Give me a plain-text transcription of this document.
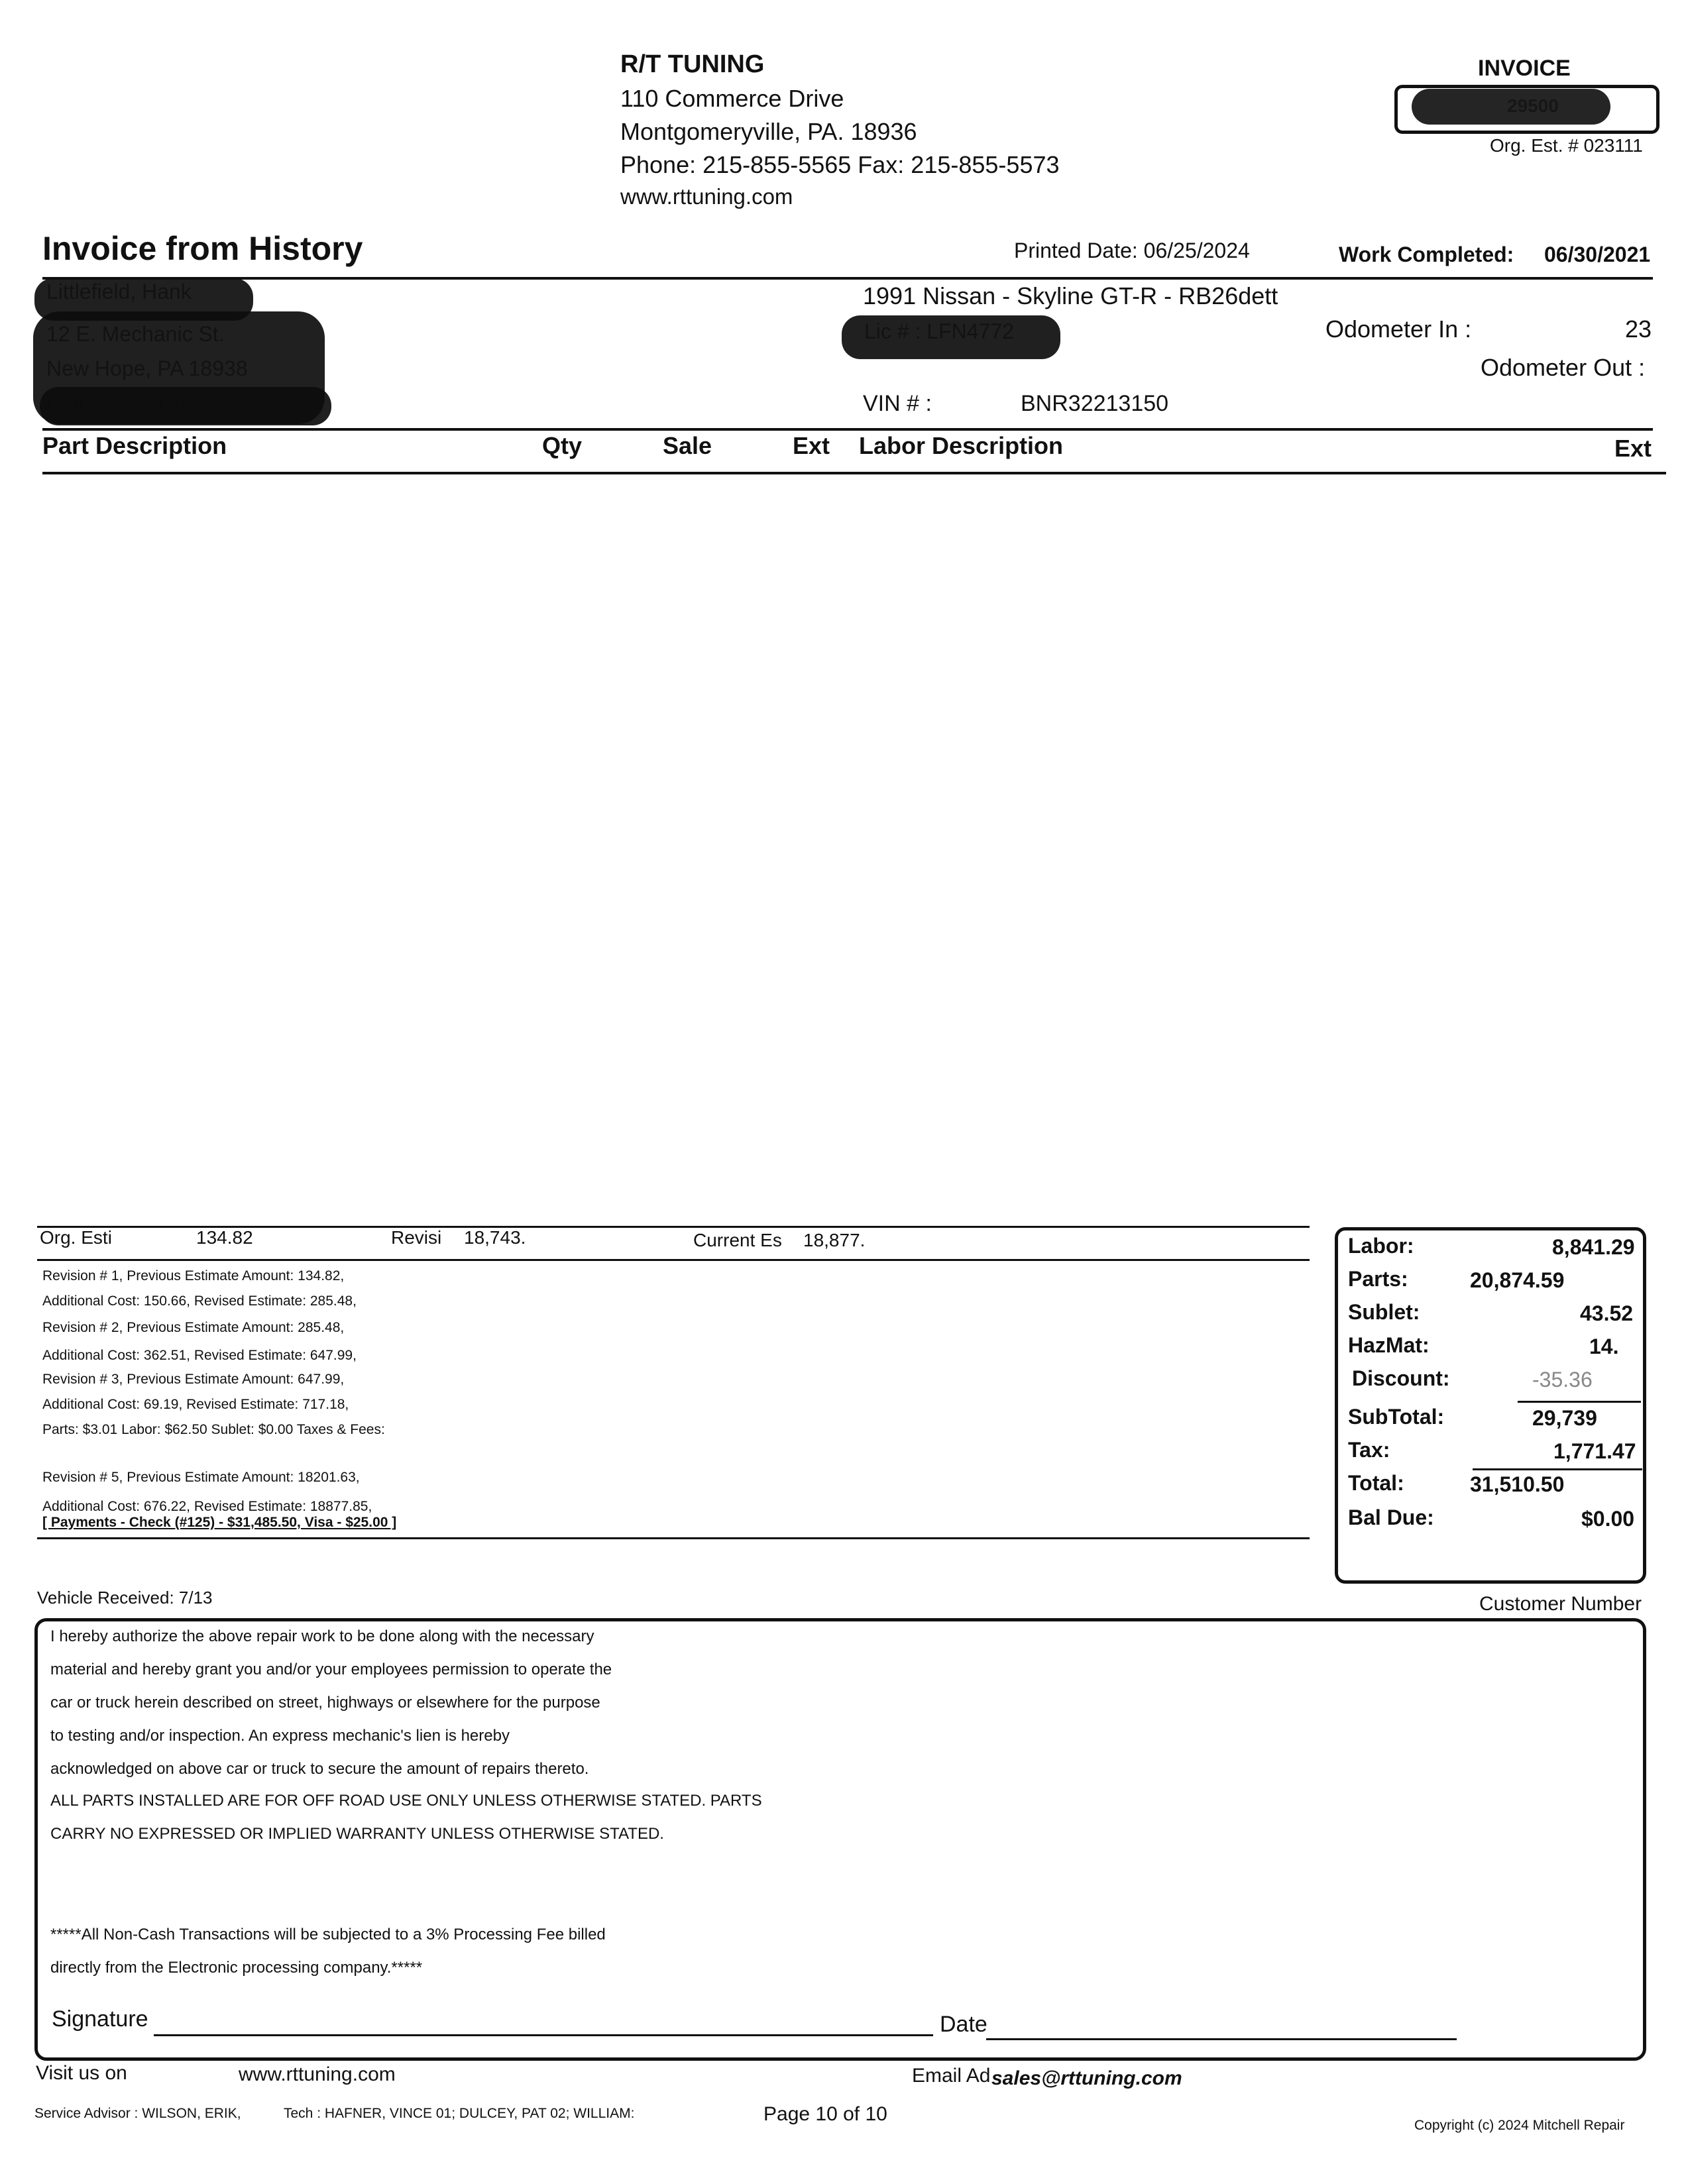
R/T TUNING
110 Commerce Drive
Montgomeryville, PA. 18936
Phone: 215-855-5565 Fax: 215-855-5573
www.rttuning.com
INVOICE
Org. Est. # 023111
Invoice from History	Printed Date: 06/25/2024	Work Completed: 06/30/2021
1991 Nissan - Skyline GT-R - RB26dett
VIN # :	BNR32213150
Odometer In :	23
Odometer Out :
Part Description	Qty	Sale	Ext Labor Description	Ext
Org. Esti	134.82	Revisi 18,743.	Current Es 18,877.
Revision # 1, Previous Estimate Amount: 134.82,
Additional Cost: 150.66, Revised Estimate: 285.48,
Revision # 2, Previous Estimate Amount: 285.48,
Additional Cost: 362.51, Revised Estimate: 647.99,
Revision # 3, Previous Estimate Amount: 647.99,
Additional Cost: 69.19, Revised Estimate: 717.18,
Parts: $3.01 Labor: $62.50 Sublet: $0.00 Taxes & Fees:
Revision # 5, Previous Estimate Amount: 18201.63,
Additional Cost: 676.22, Revised Estimate: 18877.85,
[ Payments - Check (#125) - $31,485.50, Visa - $25.00 ]
Labor:	8,841.29
Parts:	20,874.59
Sublet:	43.52
HazMat:	14.
Discount:	-35.36
SubTotal:	29,739
Tax:	1,771.47
Total:	31,510.50
Bal Due:	$0.00
Vehicle Received: 7/13	Customer Number
I hereby authorize the above repair work to be done along with the necessary
material and hereby grant you and/or your employees permission to operate the
car or truck herein described on street, highways or elsewhere for the purpose
to testing and/or inspection. An express mechanic's lien is hereby
acknowledged on above car or truck to secure the amount of repairs thereto.
ALL PARTS INSTALLED ARE FOR OFF ROAD USE ONLY UNLESS OTHERWISE STATED. PARTS
CARRY NO EXPRESSED OR IMPLIED WARRANTY UNLESS OTHERWISE STATED.
*****All Non-Cash Transactions will be subjected to a 3% Processing Fee billed
directly from the Electronic processing company.*****
Signature	Date
Visit us on	www.rttuning.com	Email Ad sales@rttuning.com
Service Advisor : WILSON, ERIK,	Tech : HAFNER, VINCE 01; DULCEY, PAT 02; WILLIAM:	Page 10 of 10
Copyright (c) 2024 Mitchell Repair
